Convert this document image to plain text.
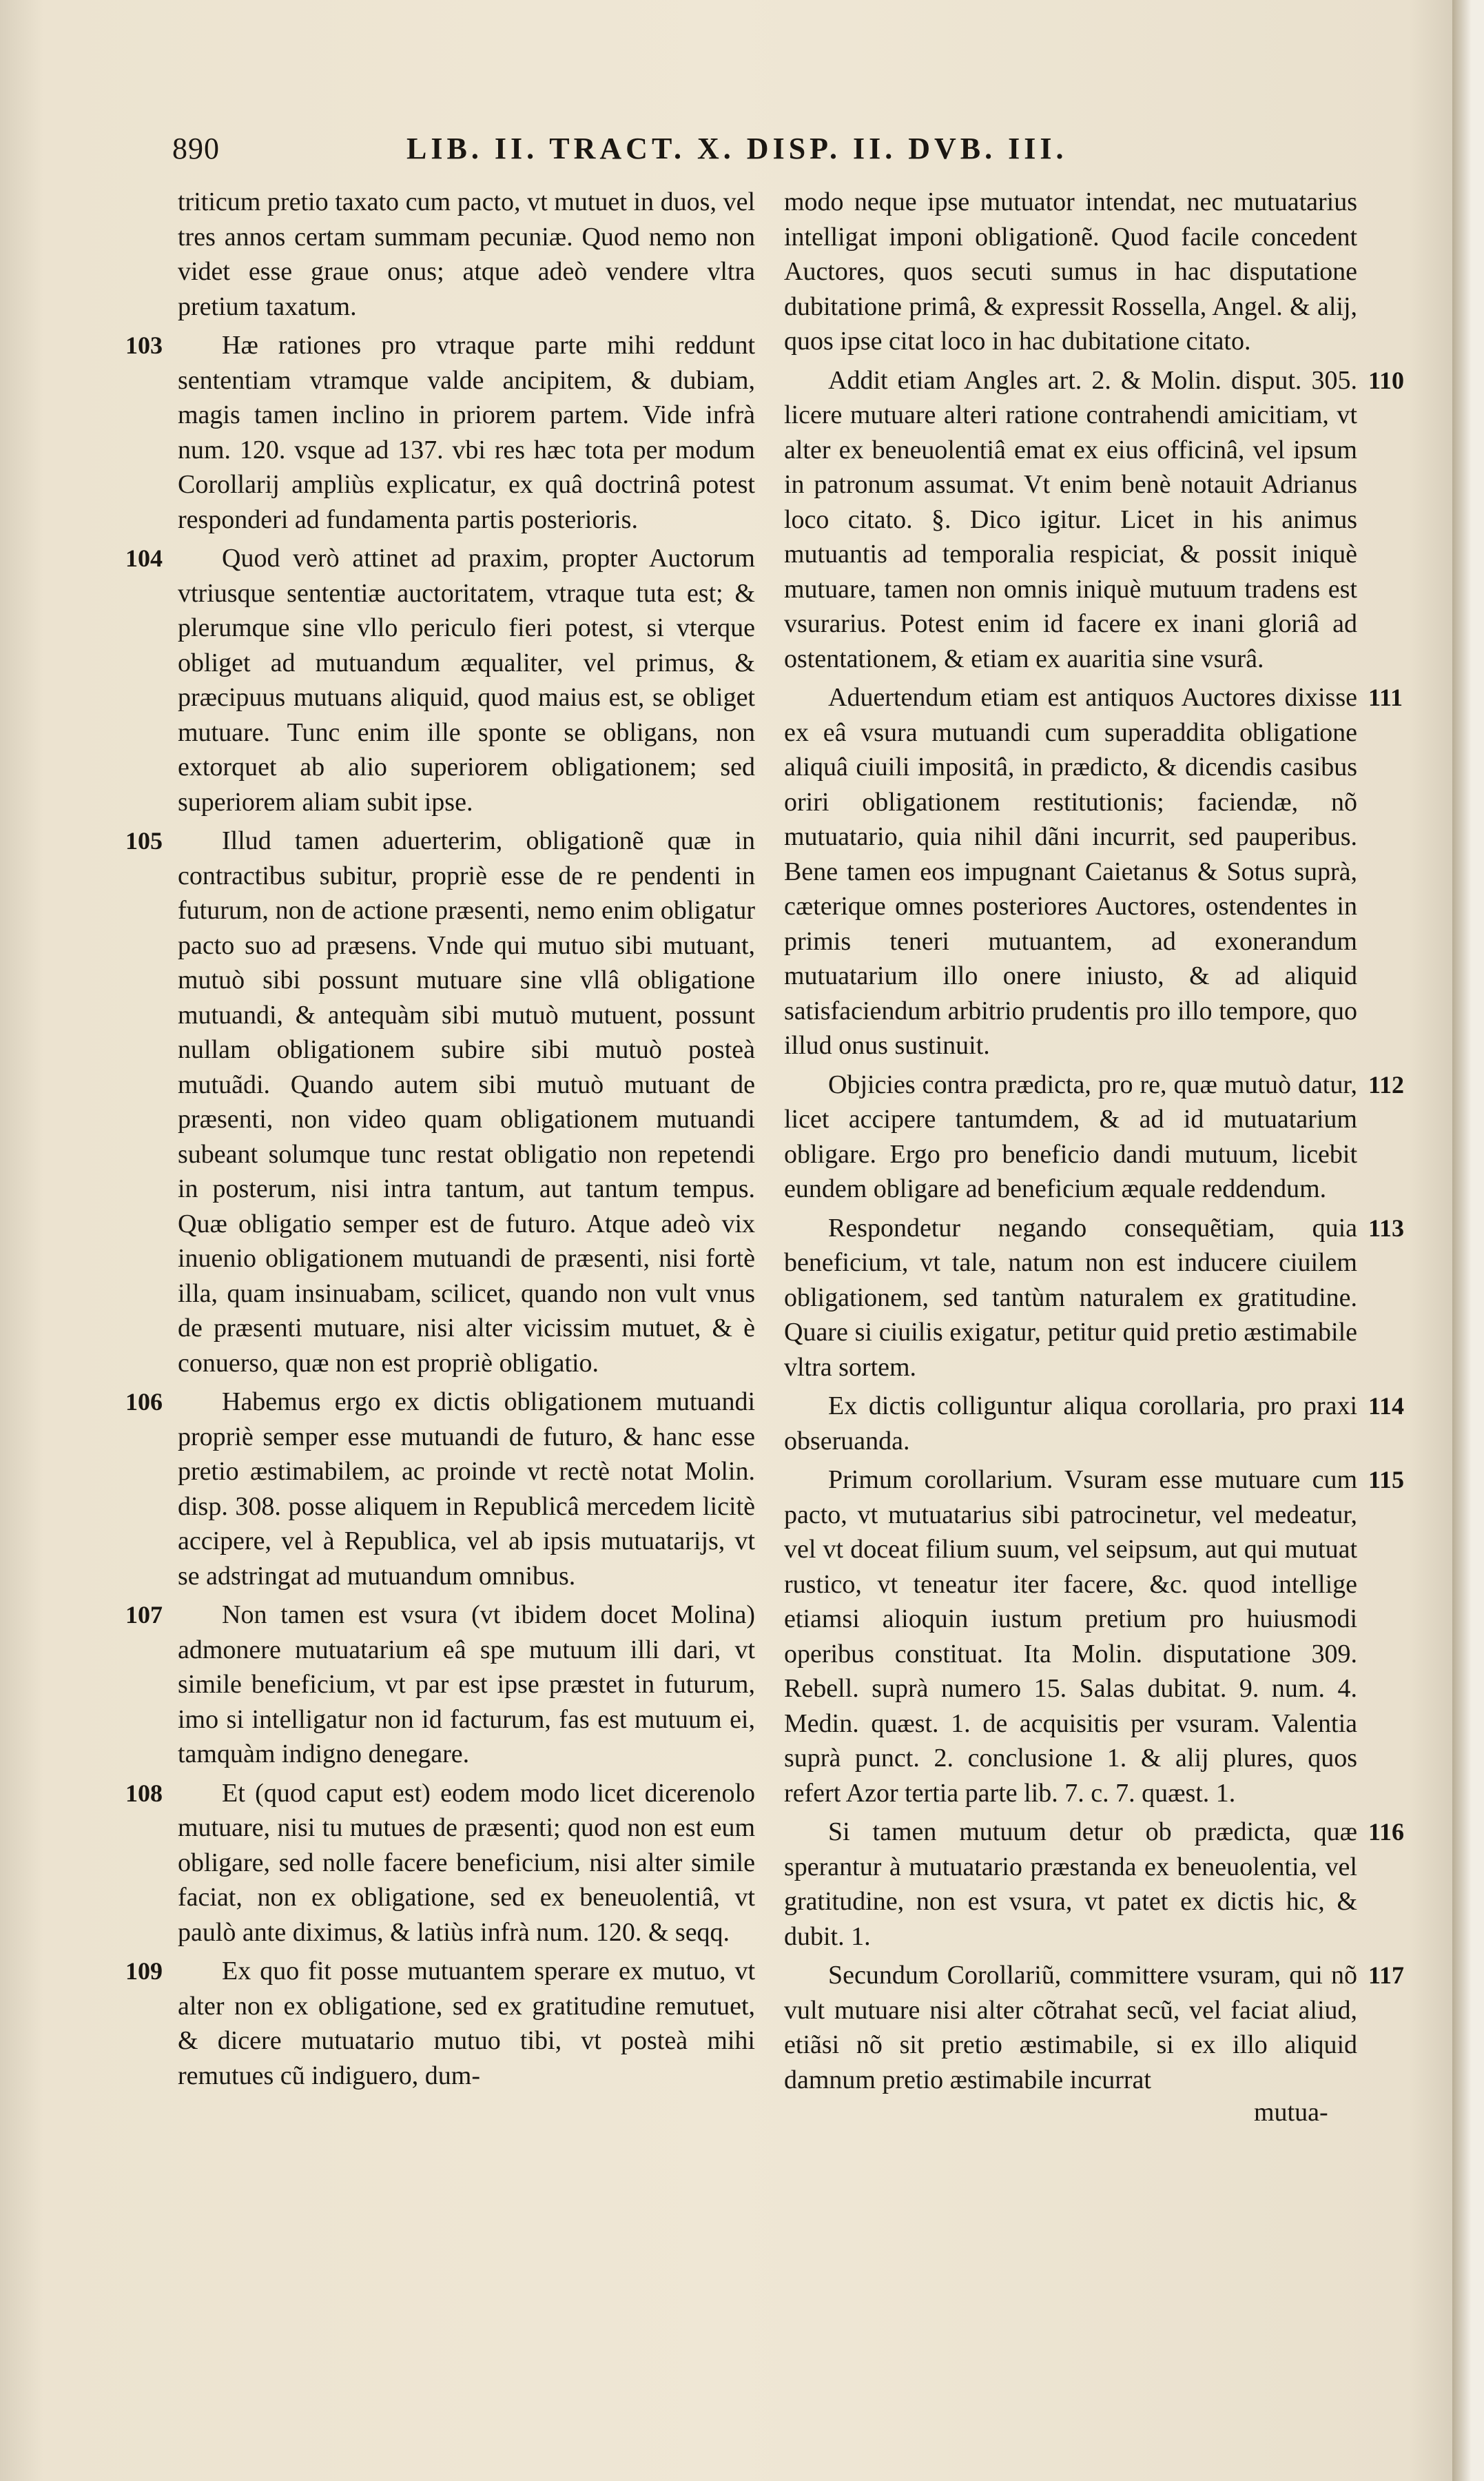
890	LIB. II. TRACT. X. DISP. II. DVB. III.
triticum pretio taxato cum pacto, vt mutuet in duos, vel tres annos certam summam pecuniæ. Quod nemo non videt esse graue onus; atque adeò vendere vltra pretium taxatum.
103	Hæ rationes pro vtraque parte mihi reddunt sententiam vtramque valde ancipitem, & dubiam, magis tamen inclino in priorem partem. Vide infrà num. 120. vsque ad 137. vbi res hæc tota per modum Corollarij ampliùs explicatur, ex quâ doctrinâ potest responderi ad fundamenta partis posterioris.
104	Quod verò attinet ad praxim, propter Auctorum vtriusque sententiæ auctoritatem, vtraque tuta est; & plerumque sine vllo periculo fieri potest, si vterque obliget ad mutuandum æqualiter, vel primus, & præcipuus mutuans aliquid, quod maius est, se obliget mutuare. Tunc enim ille sponte se obligans, non extorquet ab alio superiorem obligationem; sed superiorem aliam subit ipse.
105	Illud tamen aduerterim, obligationẽ quæ in contractibus subitur, propriè esse de re pendenti in futurum, non de actione præsenti, nemo enim obligatur pacto suo ad præsens. Vnde qui mutuo sibi mutuant, mutuò sibi possunt mutuare sine vllâ obligatione mutuandi, & antequàm sibi mutuò mutuent, possunt nullam obligationem subire sibi mutuò posteà mutuãdi. Quando autem sibi mutuò mutuant de præsenti, non video quam obligationem mutuandi subeant solumque tunc restat obligatio non repetendi in posterum, nisi intra tantum, aut tantum tempus. Quæ obligatio semper est de futuro. Atque adeò vix inuenio obligationem mutuandi de præsenti, nisi fortè illa, quam insinuabam, scilicet, quando non vult vnus de præsenti mutuare, nisi alter vicissim mutuet, & è conuerso, quæ non est propriè obligatio.
106	Habemus ergo ex dictis obligationem mutuandi propriè semper esse mutuandi de futuro, & hanc esse pretio æstimabilem, ac proinde vt rectè notat Molin. disp. 308. posse aliquem in Republicâ mercedem licitè accipere, vel à Republica, vel ab ipsis mutuatarijs, vt se adstringat ad mutuandum omnibus.
107	Non tamen est vsura (vt ibidem docet Molina) admonere mutuatarium eâ spe mutuum illi dari, vt simile beneficium, vt par est ipse præstet in futurum, imo si intelligatur non id facturum, fas est mutuum ei, tamquàm indigno denegare.
108	Et (quod caput est) eodem modo licet dicerenolo mutuare, nisi tu mutues de præsenti; quod non est eum obligare, sed nolle facere beneficium, nisi alter simile faciat, non ex obligatione, sed ex beneuolentiâ, vt paulò ante diximus, & latiùs infrà num. 120. & seqq.
109	Ex quo fit posse mutuantem sperare ex mutuo, vt alter non ex obligatione, sed ex gratitudine remutuet, & dicere mutuatario mutuo tibi, vt posteà mihi remutues cũ indiguero, dum-
modo neque ipse mutuator intendat, nec mutuatarius intelligat imponi obligationẽ. Quod facile concedent Auctores, quos secuti sumus in hac disputatione dubitatione primâ, & expressit Rossella, Angel. & alij, quos ipse citat loco in hac dubitatione citato.
110
Addit etiam Angles art. 2. & Molin. disput. 305. licere mutuare alteri ratione contrahendi amicitiam, vt alter ex beneuolentiâ emat ex eius officinâ, vel ipsum in patronum assumat. Vt enim benè notauit Adrianus loco citato. §. Dico igitur. Licet in his animus mutuantis ad temporalia respiciat, & possit iniquè mutuare, tamen non omnis iniquè mutuum tradens est vsurarius. Potest enim id facere ex inani gloriâ ad ostentationem, & etiam ex auaritia sine vsurâ.
111
Aduertendum etiam est antiquos Auctores dixisse ex eâ vsura mutuandi cum superaddita obligatione aliquâ ciuili impositâ, in prædicto, & dicendis casibus oriri obligationem restitutionis; faciendæ, nõ mutuatario, quia nihil dãni incurrit, sed pauperibus. Bene tamen eos impugnant Caietanus & Sotus suprà, cæterique omnes posteriores Auctores, ostendentes in primis teneri mutuantem, ad exonerandum mutuatarium illo onere iniusto, & ad aliquid satisfaciendum arbitrio prudentis pro illo tempore, quo illud onus sustinuit.
112
Objicies contra prædicta, pro re, quæ mutuò datur, licet accipere tantumdem, & ad id mutuatarium obligare. Ergo pro beneficio dandi mutuum, licebit eundem obligare ad beneficium æquale reddendum.
113
Respondetur negando consequẽtiam, quia beneficium, vt tale, natum non est inducere ciuilem obligationem, sed tantùm naturalem ex gratitudine. Quare si ciuilis exigatur, petitur quid pretio æstimabile vltra sortem.
114
Ex dictis colliguntur aliqua corollaria, pro praxi obseruanda.
115
Primum corollarium. Vsuram esse mutuare cum pacto, vt mutuatarius sibi patrocinetur, vel medeatur, vel vt doceat filium suum, vel seipsum, aut qui mutuat rustico, vt teneatur iter facere, &c. quod intellige etiamsi alioquin iustum pretium pro huiusmodi operibus constituat. Ita Molin. disputatione 309. Rebell. suprà numero 15. Salas dubitat. 9. num. 4. Medin. quæst. 1. de acquisitis per vsuram. Valentia suprà punct. 2. conclusione 1. & alij plures, quos refert Azor tertia parte lib. 7. c. 7. quæst. 1.
116
Si tamen mutuum detur ob prædicta, quæ sperantur à mutuatario præstanda ex beneuolentia, vel gratitudine, non est vsura, vt patet ex dictis hic, & dubit. 1.
117
Secundum Corollariũ, committere vsuram, qui nõ vult mutuare nisi alter cõtrahat secũ, vel faciat aliud, etiãsi nõ sit pretio æstimabile, si ex illo aliquid damnum pretio æstimabile incurrat
mutua-
